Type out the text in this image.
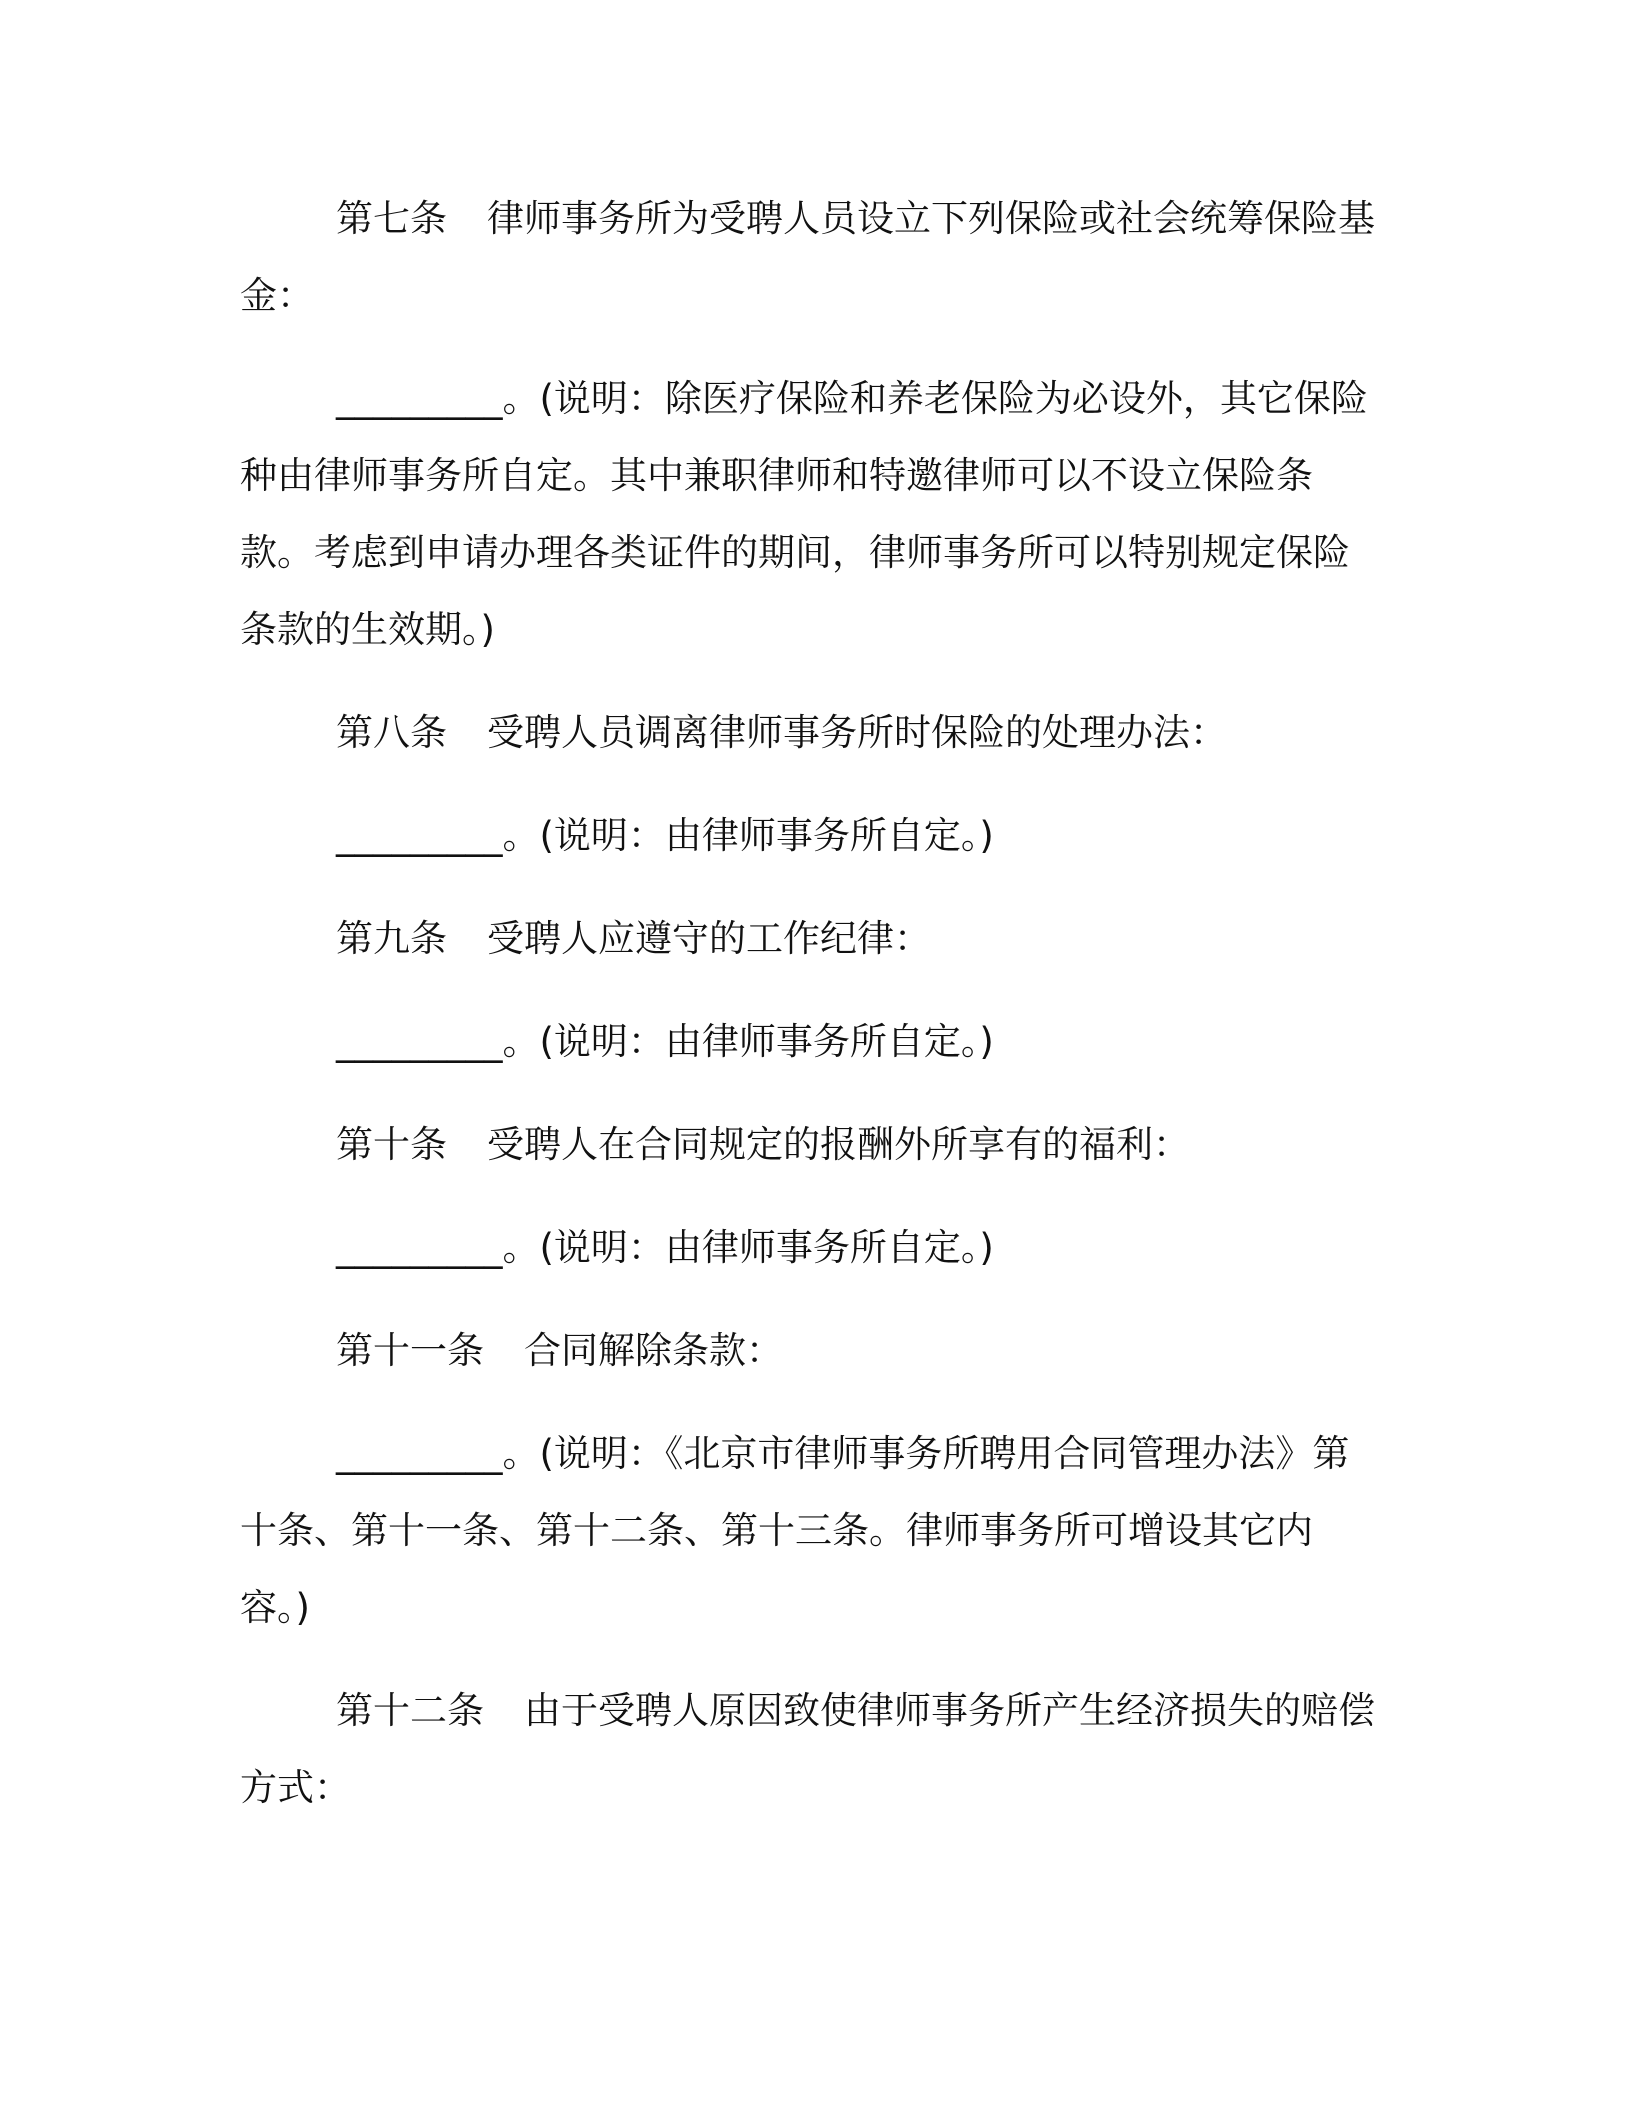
第七条 律师事务所为受聘人员设立下列保险或社会统筹保险基金：

_________。(说明：除医疗保险和养老保险为必设外，其它保险种由律师事务所自定。其中兼职律师和特邀律师可以不设立保险条款。考虑到申请办理各类证件的期间，律师事务所可以特别规定保险条款的生效期。)

第八条 受聘人员调离律师事务所时保险的处理办法：

_________。(说明：由律师事务所自定。)

第九条 受聘人应遵守的工作纪律：

_________。(说明：由律师事务所自定。)

第十条 受聘人在合同规定的报酬外所享有的福利：

_________。(说明：由律师事务所自定。)

第十一条 合同解除条款：

_________。(说明：《北京市律师事务所聘用合同管理办法》第十条、第十一条、第十二条、第十三条。律师事务所可增设其它内容。)

第十二条 由于受聘人原因致使律师事务所产生经济损失的赔偿方式：
